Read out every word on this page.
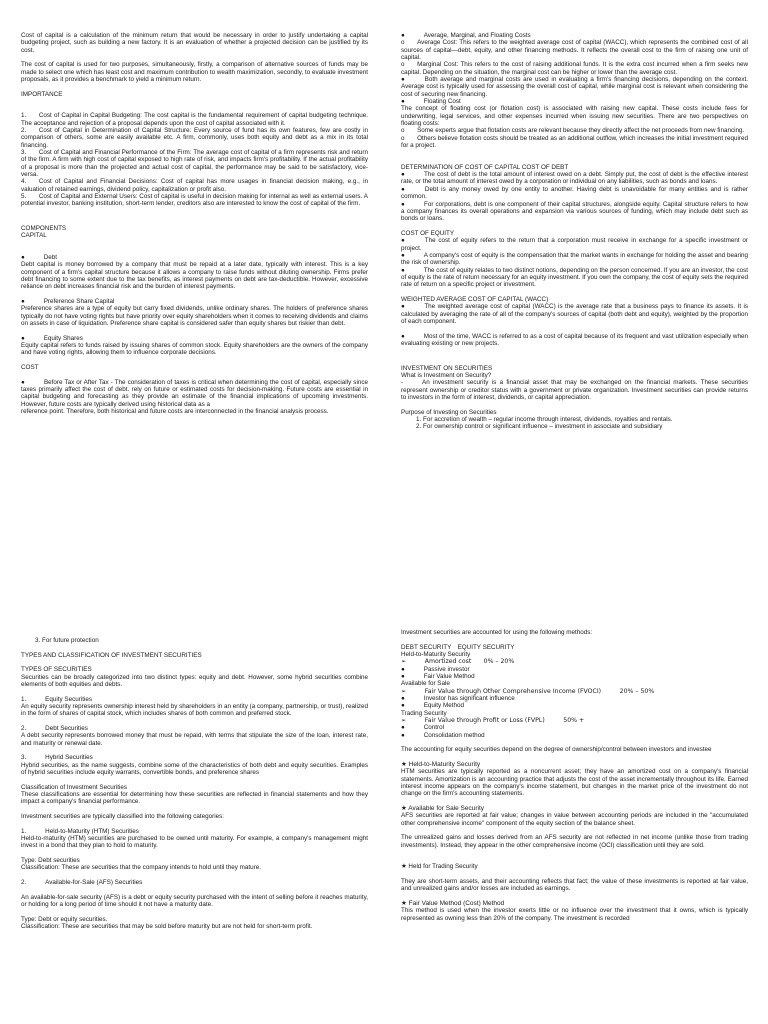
Cost of capital is a calculation of the minimum return that would be necessary in order to justify undertaking a capital budgeting project, such as building a new factory. It is an evaluation of whether a projected decision can be justified by its cost.

The cost of capital is used for two purposes, simultaneously, firstly, a comparison of alternative sources of funds may be made to select one which has least cost and maximum contribution to wealth maximization, secondly, to evaluate investment proposals, as it provides a benchmark to yield a minimum return.

IMPORTANCE

1.  Cost of Capital in Capital Budgeting: The cost capital is the fundamental requirement of capital budgeting technique. The acceptance and rejection of a proposal depends upon the cost of capital associated with it.

2.  Cost of Capital in Determination of Capital Structure: Every source of fund has its own features, few are costly in comparison of others, some are easily available etc. A firm, commonly, uses both equity and debt as a mix in its total financing.

3.  Cost of Capital and Financial Performance of the Firm: The average cost of capital of a firm represents risk and return of the firm. A firm with high cost of capital exposed to high rate of risk, and impacts firm's profitability. If the actual profitability of a proposal is more than the projected and actual cost of capital, the performance may be said to be satisfactory, vice-versa.

4.  Cost of Capital and Financial Decisions: Cost of capital has more usages in financial decision making, e.g., in valuation of retained earnings, dividend policy, capitalization or profit also.

5.  Cost of Capital and External Users: Cost of capital is useful in decision making for internal as well as external users. A potential investor, banking institution, short-term lender, creditors also are interested to know the cost of capital of the firm.

COMPONENTS

CAPITAL

●   Debt

Debt capital is money borrowed by a company that must be repaid at a later date, typically with interest. This is a key component of a firm's capital structure because it allows a company to raise funds without diluting ownership. Firms prefer debt financing to some extent due to the tax benefits, as interest payments on debt are tax-deductible. However, excessive reliance on debt increases financial risk and the burden of interest payments.

●   Preference Share Capital

Preference shares are a type of equity but carry fixed dividends, unlike ordinary shares. The holders of preference shares typically do not have voting rights but have priority over equity shareholders when it comes to receiving dividends and claims on assets in case of liquidation. Preference share capital is considered safer than equity shares but riskier than debt.

●   Equity Shares

Equity capital refers to funds raised by issuing shares of common stock. Equity shareholders are the owners of the company and have voting rights, allowing them to influence corporate decisions.

COST

●   Before Tax or After Tax - The consideration of taxes is critical when determining the cost of capital, especially since taxes primarily affect the cost of debt. rely on future or estimated costs for decision-making. Future costs are essential in capital budgeting and forecasting as they provide an estimate of the financial implications of upcoming investments. However, future costs are typically derived using historical data as a

reference point. Therefore, both historical and future costs are interconnected in the financial analysis process.

●   Average, Marginal, and Floating Costs

o  Average Cost: This refers to the weighted average cost of capital (WACC), which represents the combined cost of all sources of capital—debt, equity, and other financing methods. It reflects the overall cost to the firm of raising one unit of capital.

o  Marginal Cost: This refers to the cost of raising additional funds. It is the extra cost incurred when a firm seeks new capital. Depending on the situation, the marginal cost can be higher or lower than the average cost.

●   Both average and marginal costs are used in evaluating a firm's financing decisions, depending on the context. Average cost is typically used for assessing the overall cost of capital, while marginal cost is relevant when considering the cost of securing new financing.

●   Floating Cost

The concept of floating cost (or flotation cost) is associated with raising new capital. These costs include fees for underwriting, legal services, and other expenses incurred when issuing new securities. There are two perspectives on floating costs:

o  Some experts argue that flotation costs are relevant because they directly affect the net proceeds from new financing.

o  Others believe flotation costs should be treated as an additional outflow, which increases the initial investment required for a project.

DETERMINATION OF COST OF CAPITAL COST OF DEBT

●   The cost of debt is the total amount of interest owed on a debt. Simply put, the cost of debt is the effective interest rate, or the total amount of interest owed by a corporation or individual on any liabilities, such as bonds and loans.

●   Debt is any money owed by one entity to another. Having debt is unavoidable for many entities and is rather common.

●   For corporations, debt is one component of their capital structures, alongside equity. Capital structure refers to how a company finances its overall operations and expansion via various sources of funding, which may include debt such as bonds or loans.

COST OF EQUITY

●   The cost of equity refers to the return that a corporation must receive in exchange for a specific investment or project.

●   A company's cost of equity is the compensation that the market wants in exchange for holding the asset and bearing the risk of ownership.

●   The cost of equity relates to two distinct notions, depending on the person concerned. If you are an investor, the cost of equity is the rate of return necessary for an equity investment. If you own the company, the cost of equity sets the required rate of return on a specific project or investment.

WEIGHTED AVERAGE COST OF CAPITAL (WACC)

●   The weighted average cost of capital (WACC) is the average rate that a business pays to finance its assets. It is calculated by averaging the rate of all of the company's sources of capital (both debt and equity), weighted by the proportion of each component.

●   Most of the time, WACC is referred to as a cost of capital because of its frequent and vast utilization especially when evaluating existing or new projects.

INVESTMENT ON SECURITIES

What is Investment on Security?

-   An investment security is a financial asset that may be exchanged on the financial markets. These securities represent ownership or creditor status with a government or private organization. Investment securities can provide returns to investors in the form of interest, dividends, or capital appreciation.

Purpose of Investing on Securities

1. For accretion of wealth – regular income through interest, dividends, royalties and rentals.
2. For ownership control or significant influence – investment in associate and subsidiary

3. For future protection

TYPES AND CLASSIFICATION OF INVESTMENT SECURITIES

TYPES OF SECURITIES

Securities can be broadly categorized into two distinct types: equity and debt. However, some hybrid securities combine elements of both equities and debts.

1.   Equity Securities

An equity security represents ownership interest held by shareholders in an entity (a company, partnership, or trust), realized in the form of shares of capital stock, which includes shares of both common and preferred stock.

2.   Debt Securities

A debt security represents borrowed money that must be repaid, with terms that stipulate the size of the loan, interest rate, and maturity or renewal date.

3.   Hybrid Securities

Hybrid securities, as the name suggests, combine some of the characteristics of both debt and equity securities. Examples of hybrid securities include equity warrants, convertible bonds, and preference shares

Classification of Investment Securities

These classifications are essential for determining how these securities are reflected in financial statements and how they impact a company's financial performance.

Investment securities are typically classified into the following categories:

1.   Held-to-Maturity (HTM) Securities

Held-to-maturity (HTM) securities are purchased to be owned until maturity. For example, a company's management might invest in a bond that they plan to hold to maturity.

Type: Debt securities

Classification: These are securities that the company intends to hold until they mature.

2.   Available-for-Sale (AFS) Securities

An available-for-sale security (AFS) is a debt or equity security purchased with the intent of selling before it reaches maturity, or holding for a long period of time should it not have a maturity date.

Type: Debt or equity securities.

Classification: These are securities that may be sold before maturity but are not held for short-term profit.

Investment securities are accounted for using the following methods:

DEBT SECURITY EQUITY SECURITY

Held-to-Maturity Security

➢   Amortized cost  0% – 20%

●   Passive investor

●   Fair Value Method

Available for Sale

➢   Fair Value through Other Comprehensive Income (FVOCI)   	20% – 50%

●   Investor has significant influence

●   Equity Method

Trading Security

➢   Fair Value through Profit or Loss (FVPL)   	50% +

●   Control

●   Consolidation method

The accounting for equity securities depend on the degree of ownership/control between investors and investee

★ Held-to-Maturity Security

HTM securities are typically reported as a noncurrent asset; they have an amortized cost on a company's financial statements. Amortization is an accounting practice that adjusts the cost of the asset incrementally throughout its life. Earned interest income appears on the company's income statement, but changes in the market price of the investment do not change on the firm's accounting statements.

★ Available for Sale Security

AFS securities are reported at fair value; changes in value between accounting periods are included in the "accumulated other comprehensive income" component of the equity section of the balance sheet.

The unrealized gains and losses derived from an AFS security are not reflected in net income (unlike those from trading investments). Instead, they appear in the other comprehensive income (OCI) classification until they are sold.

★ Held for Trading Security

They are short-term assets, and their accounting reflects that fact; the value of these investments is reported at fair value, and unrealized gains and/or losses are included as earnings.

★ Fair Value Method (Cost) Method

This method is used when the investor exerts little or no influence over the investment that it owns, which is typically represented as owning less than 20% of the company. The investment is recorded
